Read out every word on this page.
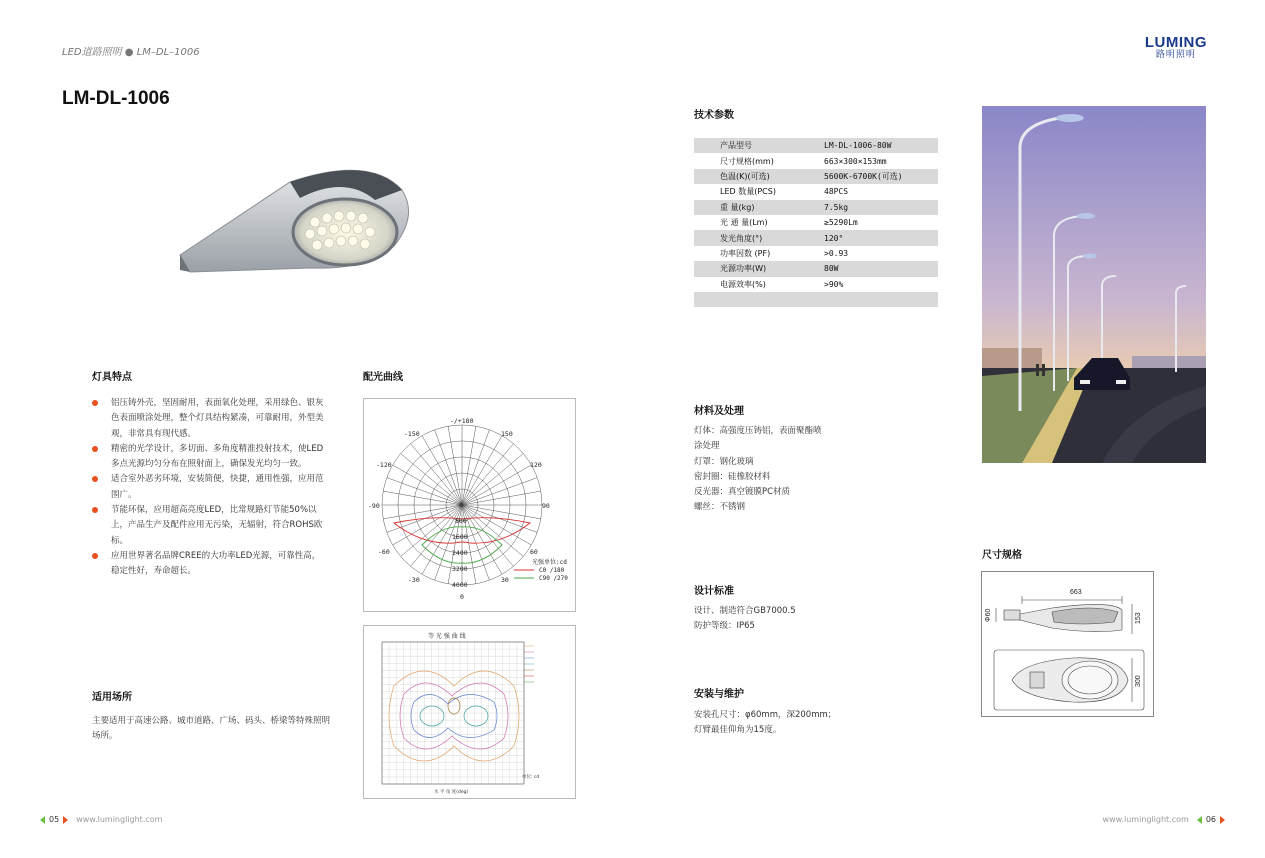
LED道路照明 ● LM–DL–1006
LM-DL-1006
LUMING
路明照明
灯具特点
铝压铸外壳，坚固耐用，表面氧化处理，采用绿色、银灰色表面喷涂处理，整个灯具结构紧凑，可靠耐用，外型美观，非常具有现代感。
精密的光学设计，多切面、多角度精准投射技术，使LED多点光源均匀分布在照射面上，确保发光均匀一致。
适合室外恶劣环境，安装简便，快捷，通用性强，应用范围广。
节能环保，应用超高亮度LED，比常规路灯节能50%以上，产品生产及配件应用无污染，无辐射，符合ROHS欧标。
应用世界著名品牌CREE的大功率LED光源，可靠性高，稳定性好，寿命超长。
适用场所
主要适用于高速公路、城市道路、广场、码头、桥梁等特殊照明场所。
配光曲线
-/+180
-150	150
-120	120
-90	90
-60	60
-30	30
0
0
800
1600
2400
3200
4000
光强单位:cd
C0 /180
C90 /270
等 光 强 曲 线
单位: cd
水 平 角 度(deg)
技术参数
产品型号	LM-DL-1006-80W
尺寸规格(mm)	663×300×153mm
色温(K)(可选)	5600K-6700K(可选)
LED 数量(PCS)	48PCS
重 量(kg)	7.5kg
光 通 量(Lm)	≥5290Lm
发光角度(°)	120°
功率因数 (PF)	>0.93
光源功率(W)	80W
电源效率(%)	>90%

材料及处理
灯体：高强度压铸铝，表面聚酯喷
涂处理
灯罩：钢化玻璃
密封圈：硅橡胶材料
反光器：真空镀膜PC材质
螺丝：不锈钢
设计标准
设计、制造符合GB7000.5
防护等级：IP65
安装与维护
安装孔尺寸：φ60mm，深200mm；
灯臂最佳仰角为15度。
尺寸规格
663
153
Φ60
300
05 www.luminglight.com	www.luminglight.com 06
